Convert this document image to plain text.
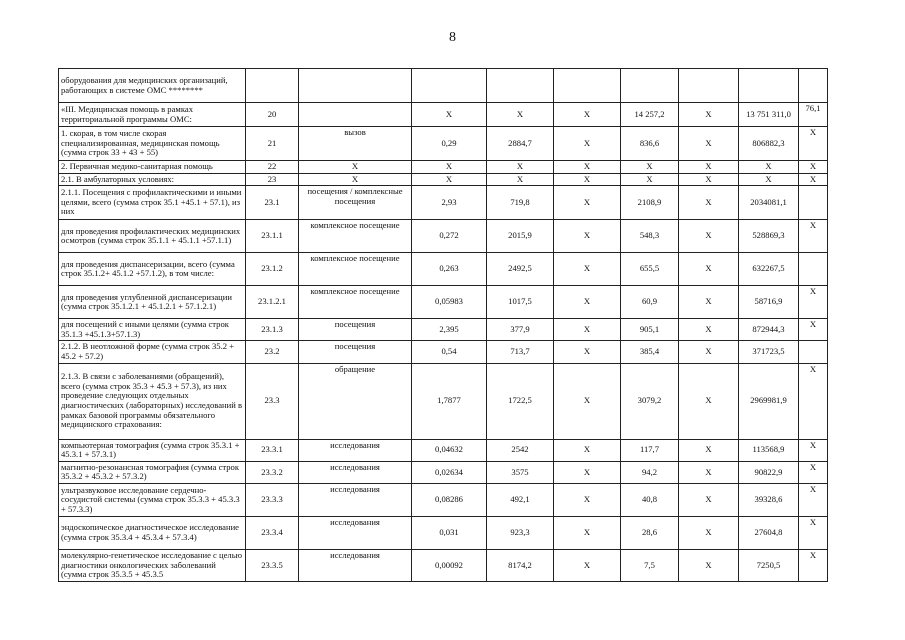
8
оборудования для медицинских организаций, работающих в системе ОМС ********									
«III. Медицинская помощь в рамках территориальной программы ОМС:	20		X	X	X	14 257,2	X	13 751 311,0	76,1
1. скорая, в том числе скорая специализированная, медицинская помощь (сумма строк 33 + 43 + 55)	21	вызов	0,29	2884,7	X	836,6	X	806882,3	X
2. Первичная медико-санитарная помощь	22	X	X	X	X	X	X	X	X
2.1. В амбулаторных условиях:	23	X	X	X	X	X	X	X	X
2.1.1. Посещения с профилактическими и иными целями, всего (сумма строк 35.1 +45.1 + 57.1), из них	23.1	посещения / комплексные посещения	2,93	719,8	X	2108,9	X	2034081,1	
для проведения профилактических медицинских осмотров (сумма строк 35.1.1 + 45.1.1 +57.1.1)	23.1.1	комплексное посещение	0,272	2015,9	X	548,3	X	528869,3	X
для проведения диспансеризации, всего (сумма строк 35.1.2+ 45.1.2 +57.1.2), в том числе:	23.1.2	комплексное посещение	0,263	2492,5	X	655,5	X	632267,5	
для проведения углубленной диспансеризации (сумма строк 35.1.2.1 + 45.1.2.1 + 57.1.2.1)	23.1.2.1	комплексное посещение	0,05983	1017,5	X	60,9	X	58716,9	X
для посещений с иными целями (сумма строк 35.1.3 +45.1.3+57.1.3)	23.1.3	посещения	2,395	377,9	X	905,1	X	872944,3	X
2.1.2. В неотложной форме (сумма строк 35.2 + 45.2 + 57.2)	23.2	посещения	0,54	713,7	X	385,4	X	371723,5	
2.1.3. В связи с заболеваниями (обращений), всего (сумма строк 35.3 + 45.3 + 57.3), из них проведение следующих отдельных диагностических (лабораторных) исследований в рамках базовой программы обязательного медицинского страхования:	23.3	обращение	1,7877	1722,5	X	3079,2	X	2969981,9	X
компьютерная томография (сумма строк 35.3.1 + 45.3.1 + 57.3.1)	23.3.1	исследования	0,04632	2542	X	117,7	X	113568,9	X
магнитно-резонансная томография (сумма строк 35.3.2 + 45.3.2 + 57.3.2)	23.3.2	исследования	0,02634	3575	X	94,2	X	90822,9	X
ультразвуковое исследование сердечно-сосудистой системы (сумма строк 35.3.3 + 45.3.3 + 57.3.3)	23.3.3	исследования	0,08286	492,1	X	40,8	X	39328,6	X
эндоскопическое диагностическое исследование (сумма строк 35.3.4 + 45.3.4 + 57.3.4)	23.3.4	исследования	0,031	923,3	X	28,6	X	27604,8	X
молекулярно-генетическое исследование с целью диагностики онкологических заболеваний (сумма строк 35.3.5 + 45.3.5	23.3.5	исследования	0,00092	8174,2	X	7,5	X	7250,5	X
